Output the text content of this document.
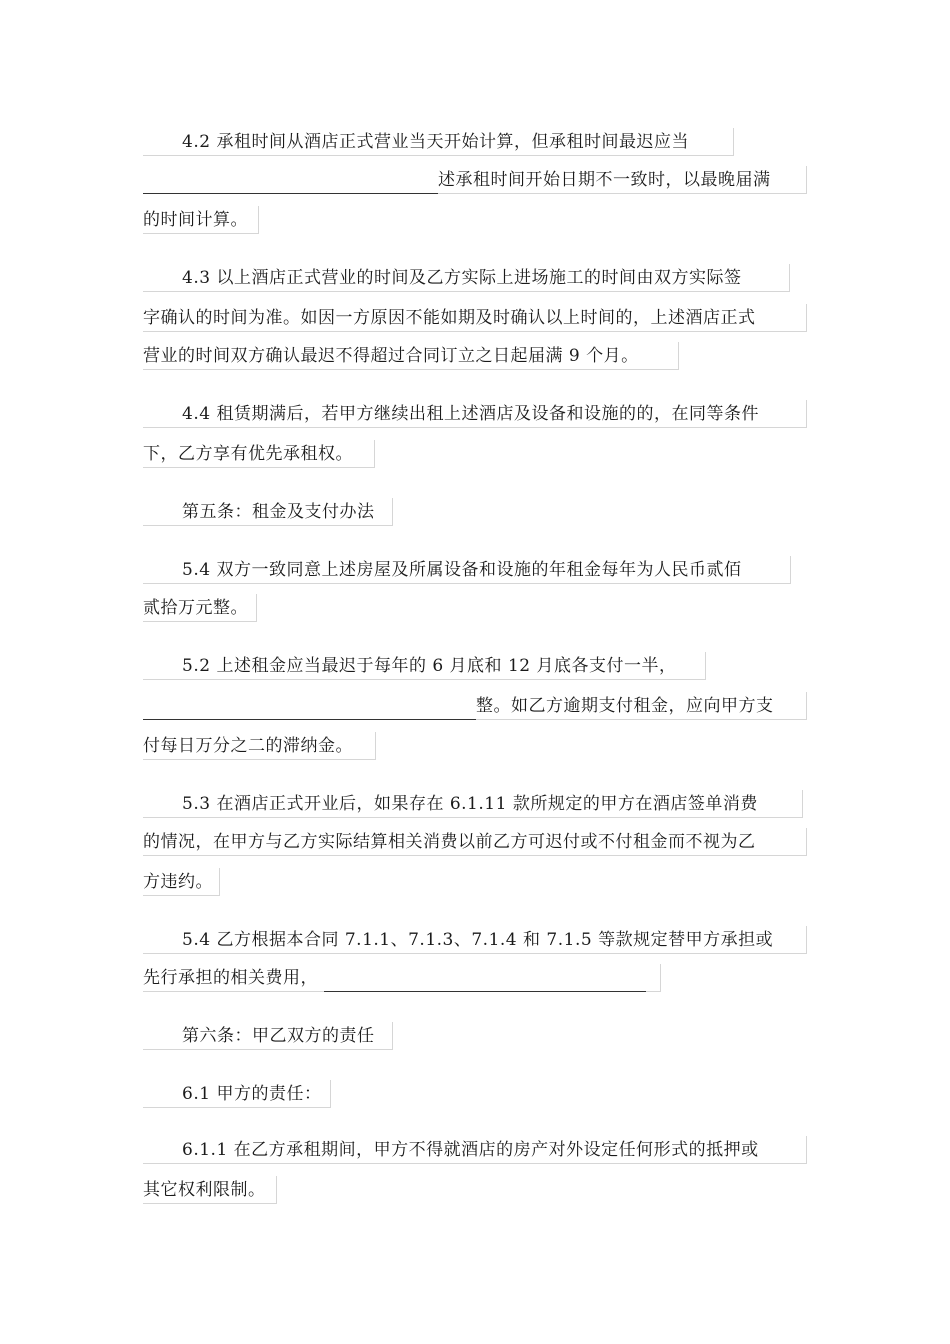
4.2 承租时间从酒店正式营业当天开始计算，但承租时间最迟应当
述承租时间开始日期不一致时，以最晚届满
的时间计算。
4.3 以上酒店正式营业的时间及乙方实际上进场施工的时间由双方实际签
字确认的时间为准。如因一方原因不能如期及时确认以上时间的，上述酒店正式
营业的时间双方确认最迟不得超过合同订立之日起届满 9 个月。
4.4 租赁期满后，若甲方继续出租上述酒店及设备和设施的的，在同等条件
下，乙方享有优先承租权。
第五条：租金及支付办法
5.4 双方一致同意上述房屋及所属设备和设施的年租金每年为人民币贰佰
贰拾万元整。
5.2 上述租金应当最迟于每年的 6 月底和 12 月底各支付一半，
整。如乙方逾期支付租金，应向甲方支
付每日万分之二的滞纳金。
5.3 在酒店正式开业后，如果存在 6.1.11 款所规定的甲方在酒店签单消费
的情况，在甲方与乙方实际结算相关消费以前乙方可迟付或不付租金而不视为乙
方违约。
5.4 乙方根据本合同 7.1.1、7.1.3、7.1.4 和 7.1.5 等款规定替甲方承担或
先行承担的相关费用，
第六条：甲乙双方的责任
6.1 甲方的责任：
6.1.1 在乙方承租期间，甲方不得就酒店的房产对外设定任何形式的抵押或
其它权利限制。
